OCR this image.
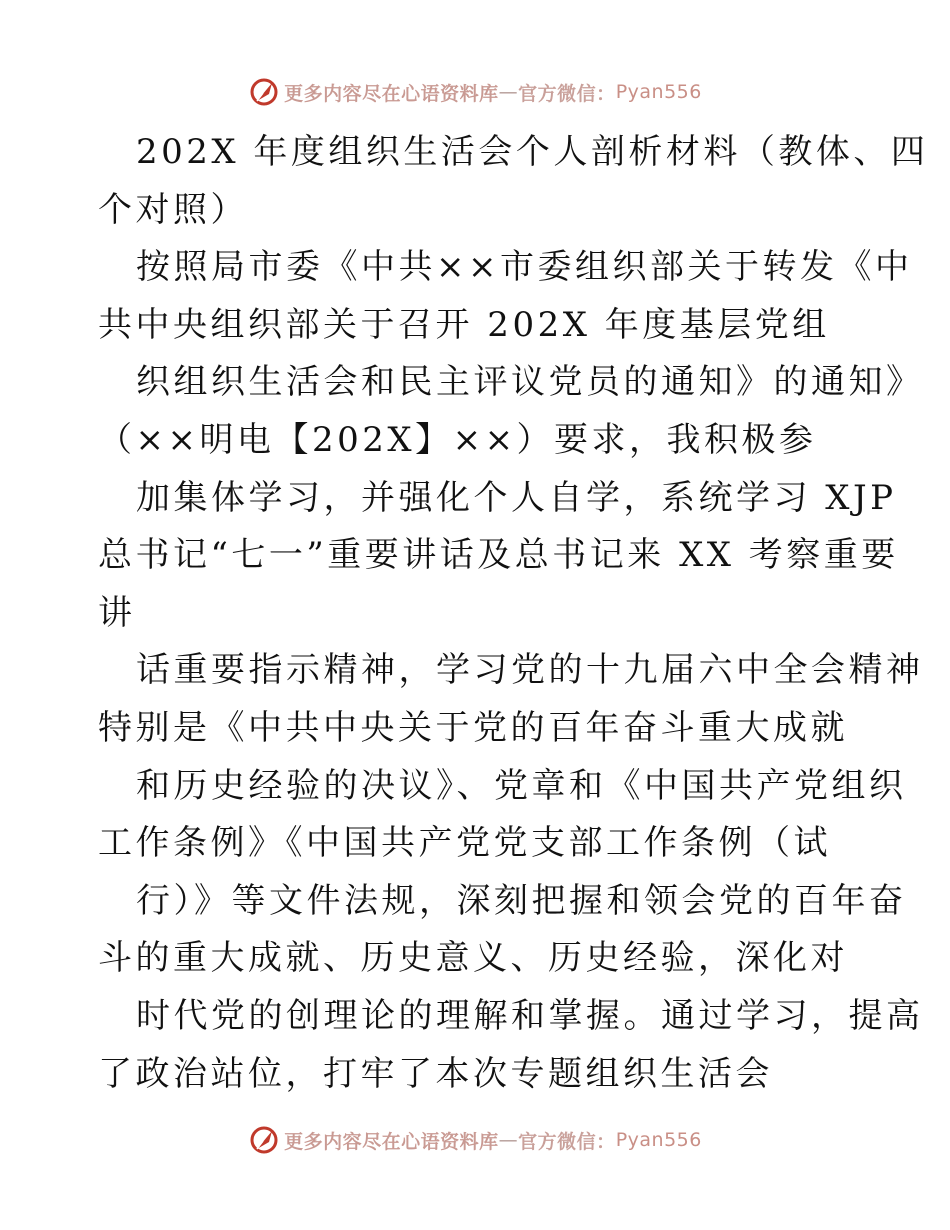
更多内容尽在心语资料库 — 官方微信： Pyan556
202X 年度组织生活会个人剖析材料（教体、四
个对照）
按照局市委《中共××市委组织部关于转发《中
共中央组织部关于召开 202X 年度基层党组
织组织生活会和民主评议党员的通知》的通知》
（××明电【202X】××）要求，我积极参
加集体学习，并强化个人自学，系统学习 XJP
总书记“七一”重要讲话及总书记来 XX 考察重要
讲
话重要指示精神，学习党的十九届六中全会精神
特别是《中共中央关于党的百年奋斗重大成就
和历史经验的决议》、党章和《中国共产党组织
工作条例》《中国共产党党支部工作条例（试
行）》等文件法规，深刻把握和领会党的百年奋
斗的重大成就、历史意义、历史经验，深化对
时代党的创理论的理解和掌握。通过学习，提高
了政治站位，打牢了本次专题组织生活会
更多内容尽在心语资料库 — 官方微信： Pyan556
